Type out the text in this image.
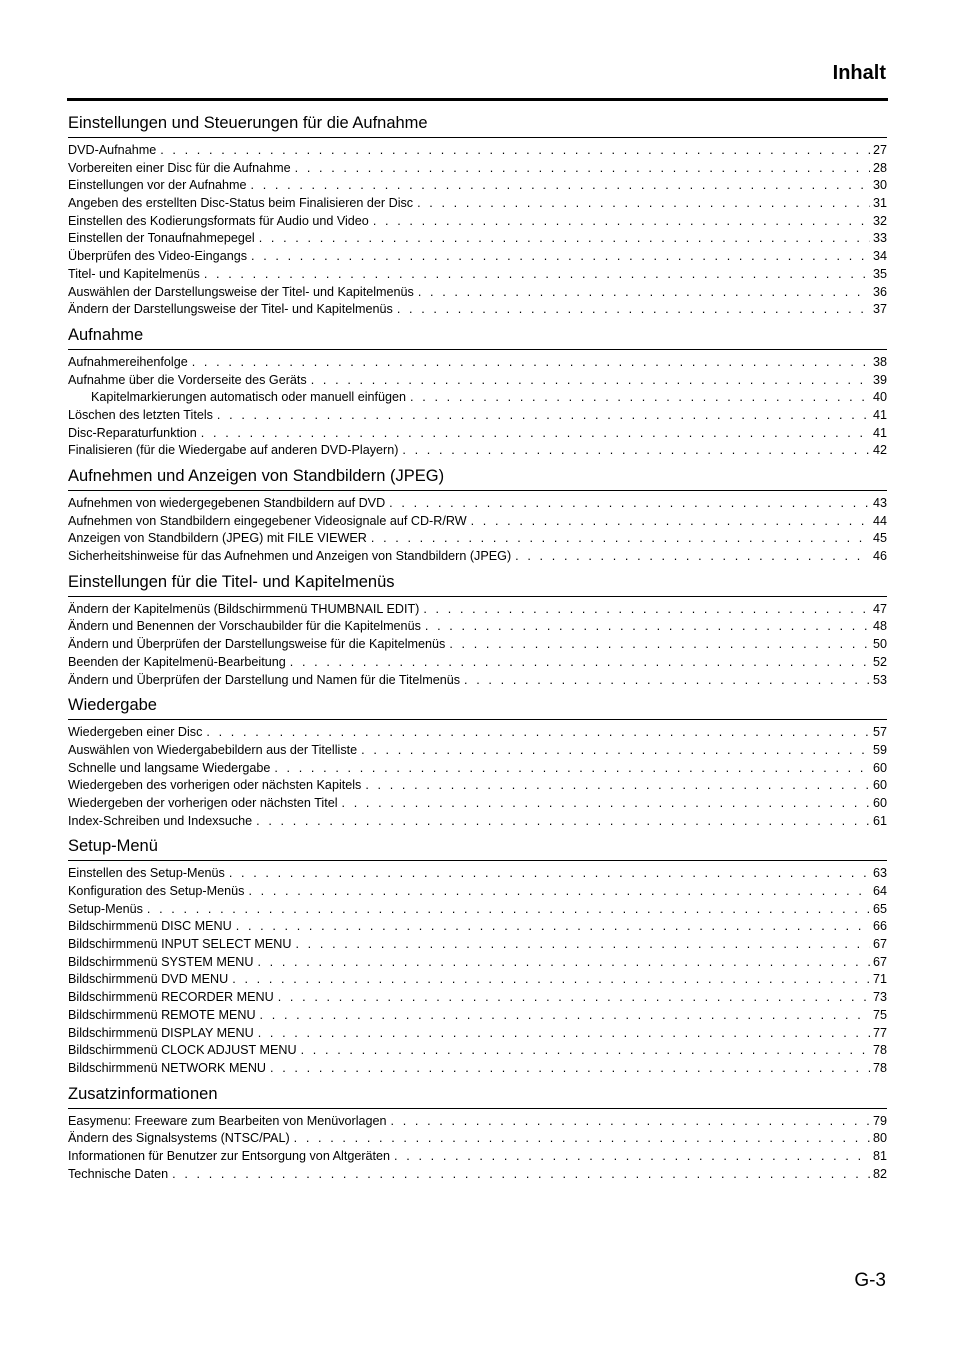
Inhalt
Einstellungen und Steuerungen für die Aufnahme
DVD-Aufnahme . . .	27
Vorbereiten einer Disc für die Aufnahme . . .	28
Einstellungen vor der Aufnahme . . .	30
Angeben des erstellten Disc-Status beim Finalisieren der Disc . . .	31
Einstellen des Kodierungsformats für Audio und Video . . .	32
Einstellen der Tonaufnahmepegel . . .	33
Überprüfen des Video-Eingangs . . .	34
Titel- und Kapitelmenüs . . .	35
Auswählen der Darstellungsweise der Titel- und Kapitelmenüs . . .	36
Ändern der Darstellungsweise der Titel- und Kapitelmenüs . . .	37
Aufnahme
Aufnahmereihenfolge . . .	38
Aufnahme über die Vorderseite des Geräts . . .	39
Kapitelmarkierungen automatisch oder manuell einfügen . . .	40
Löschen des letzten Titels . . .	41
Disc-Reparaturfunktion . . .	41
Finalisieren (für die Wiedergabe auf anderen DVD-Playern) . . .	42
Aufnehmen und Anzeigen von Standbildern (JPEG)
Aufnehmen von wiedergegebenen Standbildern auf DVD . . .	43
Aufnehmen von Standbildern eingegebener Videosignale auf CD-R/RW . . .	44
Anzeigen von Standbildern (JPEG) mit FILE VIEWER . . .	45
Sicherheitshinweise für das Aufnehmen und Anzeigen von Standbildern (JPEG) . . .	46
Einstellungen für die Titel- und Kapitelmenüs
Ändern der Kapitelmenüs (Bildschirmmenü THUMBNAIL EDIT) . . .	47
Ändern und Benennen der Vorschaubilder für die Kapitelmenüs . . .	48
Ändern und Überprüfen der Darstellungsweise für die Kapitelmenüs . . .	50
Beenden der Kapitelmenü-Bearbeitung . . .	52
Ändern und Überprüfen der Darstellung und Namen für die Titelmenüs . . .	53
Wiedergabe
Wiedergeben einer Disc . . .	57
Auswählen von Wiedergabebildern aus der Titelliste . . .	59
Schnelle und langsame Wiedergabe . . .	60
Wiedergeben des vorherigen oder nächsten Kapitels . . .	60
Wiedergeben der vorherigen oder nächsten Titel . . .	60
Index-Schreiben und Indexsuche . . .	61
Setup-Menü
Einstellen des Setup-Menüs . . .	63
Konfiguration des Setup-Menüs . . .	64
Setup-Menüs . . .	65
Bildschirmmenü DISC MENU . . .	66
Bildschirmmenü INPUT SELECT MENU . . .	67
Bildschirmmenü SYSTEM MENU . . .	67
Bildschirmmenü DVD MENU . . .	71
Bildschirmmenü RECORDER MENU . . .	73
Bildschirmmenü REMOTE MENU . . .	75
Bildschirmmenü DISPLAY MENU . . .	77
Bildschirmmenü CLOCK ADJUST MENU . . .	78
Bildschirmmenü NETWORK MENU . . .	78
Zusatzinformationen
Easymenu: Freeware zum Bearbeiten von Menüvorlagen . . .	79
Ändern des Signalsystems (NTSC/PAL) . . .	80
Informationen für Benutzer zur Entsorgung von Altgeräten . . .	81
Technische Daten . . .	82
G-3
